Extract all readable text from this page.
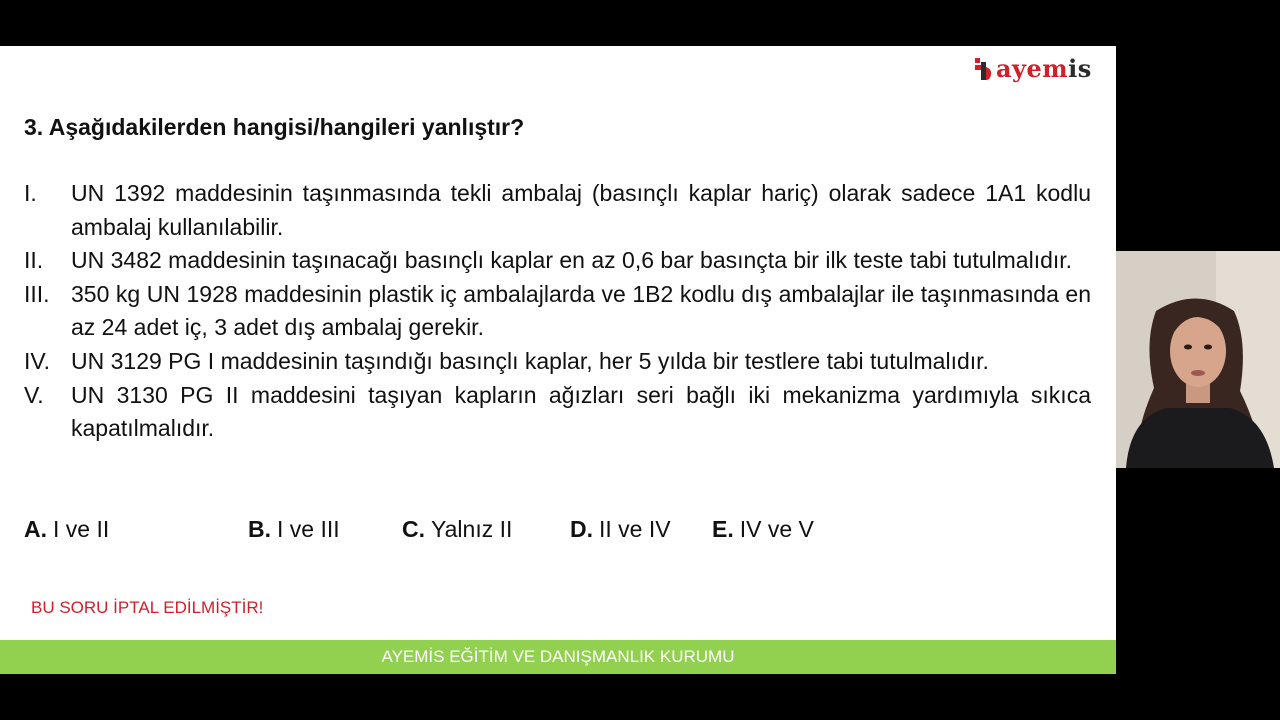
ayemis
3. Aşağıdakilerden hangisi/hangileri yanlıştır?
I.	UN 1392 maddesinin taşınmasında tekli ambalaj (basınçlı kaplar hariç) olarak sadece 1A1 kodlu ambalaj kullanılabilir.
II.	UN 3482 maddesinin taşınacağı basınçlı kaplar en az 0,6 bar basınçta bir ilk teste tabi tutulmalıdır.
III. 350 kg UN 1928 maddesinin plastik iç ambalajlarda ve 1B2 kodlu dış ambalajlar ile taşınmasında en az 24 adet iç, 3 adet dış ambalaj gerekir.
IV. UN 3129 PG I maddesinin taşındığı basınçlı kaplar, her 5 yılda bir testlere tabi tutulmalıdır.
V.	UN 3130 PG II maddesini taşıyan kapların ağızları seri bağlı iki mekanizma yardımıyla sıkıca kapatılmalıdır.
A. I ve II	B. I ve III	C. Yalnız II	D. II ve IV E. IV ve V
BU SORU İPTAL EDİLMİŞTİR!
AYEMİS EĞİTİM VE DANIŞMANLIK KURUMU
